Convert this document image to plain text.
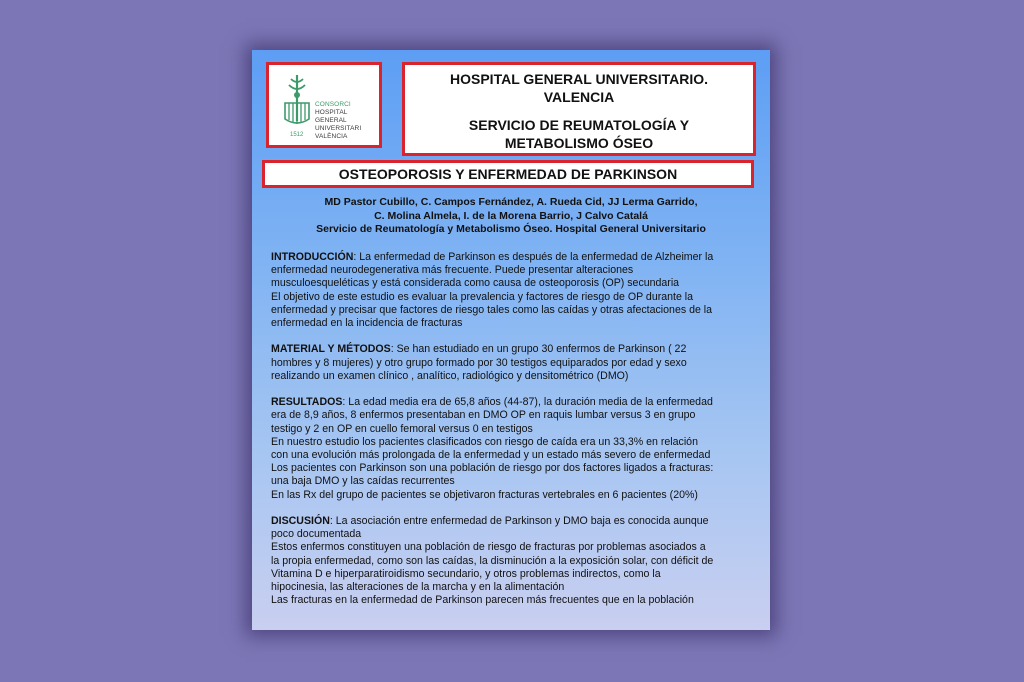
1512
CONSORCI
HOSPITAL GENERAL
UNIVERSITARI
VALÈNCIA
HOSPITAL GENERAL UNIVERSITARIO.
VALENCIA
SERVICIO DE REUMATOLOGÍA Y
METABOLISMO ÓSEO
OSTEOPOROSIS Y ENFERMEDAD DE PARKINSON
MD Pastor Cubillo, C. Campos Fernández, A. Rueda Cid, JJ Lerma Garrido,
C. Molina Almela, I. de la Morena Barrio, J Calvo Catalá
Servicio de Reumatología y Metabolismo Óseo. Hospital General Universitario

INTRODUCCIÓN: La enfermedad de Parkinson es después de la enfermedad de Alzheimer la

enfermedad neurodegenerativa más frecuente. Puede presentar alteraciones

musculoesqueléticas y está considerada como causa de osteoporosis (OP) secundaria

El objetivo de este estudio es evaluar la prevalencia y factores de riesgo de OP durante la

enfermedad y precisar que factores de riesgo tales como las caídas y otras afectaciones de la

enfermedad en la incidencia de fracturas

MATERIAL Y MÉTODOS: Se han estudiado en un grupo 30 enfermos de Parkinson ( 22

hombres y 8 mujeres) y otro grupo formado por 30 testigos equiparados por edad y sexo

realizando un examen clínico , analítico, radiológico y densitométrico (DMO)

RESULTADOS: La edad media era de 65,8 años (44-87), la duración media de la enfermedad

era de 8,9 años, 8 enfermos presentaban en DMO OP en raquis lumbar versus 3 en grupo

testigo y 2 en OP en cuello femoral versus 0 en testigos

En nuestro estudio los pacientes clasificados con riesgo de caída era un 33,3% en relación

con una evolución más prolongada de la enfermedad y un estado más severo de enfermedad

Los pacientes con Parkinson son una población de riesgo por dos factores ligados a fracturas:

una baja DMO y las caídas recurrentes

En las Rx del grupo de pacientes se objetivaron fracturas vertebrales en 6 pacientes (20%)

DISCUSIÓN: La asociación entre enfermedad de Parkinson y DMO baja es conocida aunque

poco documentada

Estos enfermos constituyen una población de riesgo de fracturas por problemas asociados a

la propia enfermedad, como son las caídas, la disminución a la exposición solar, con déficit de

Vitamina D e hiperparatiroidismo secundario, y otros problemas indirectos, como la

hipocinesia, las alteraciones de la marcha y en la alimentación

Las fracturas en la enfermedad de Parkinson parecen más frecuentes que en la población
